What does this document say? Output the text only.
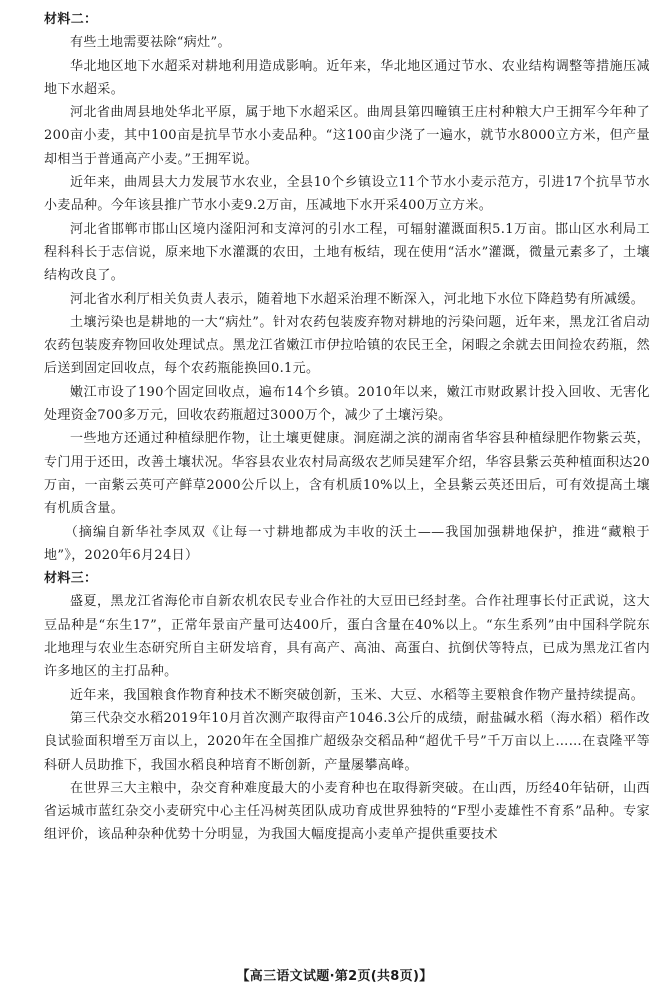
材料二：

有些土地需要祛除“病灶”。

华北地区地下水超采对耕地利用造成影响。近年来，华北地区通过节水、农业结构调整等措施压减地下水超采。

河北省曲周县地处华北平原，属于地下水超采区。曲周县第四疃镇王庄村种粮大户王拥军今年种了200亩小麦，其中100亩是抗旱节水小麦品种。“这100亩少浇了一遍水，就节水8000立方米，但产量却相当于普通高产小麦。”王拥军说。

近年来，曲周县大力发展节水农业，全县10个乡镇设立11个节水小麦示范方，引进17个抗旱节水小麦品种。今年该县推广节水小麦9.2万亩，压减地下水开采400万立方米。

河北省邯郸市邯山区境内滏阳河和支漳河的引水工程，可辐射灌溉面积5.1万亩。邯山区水利局工程科科长于志信说，原来地下水灌溉的农田，土地有板结，现在使用“活水”灌溉，微量元素多了，土壤结构改良了。

河北省水利厅相关负责人表示，随着地下水超采治理不断深入，河北地下水位下降趋势有所减缓。

土壤污染也是耕地的一大“病灶”。针对农药包装废弃物对耕地的污染问题，近年来，黑龙江省启动农药包装废弃物回收处理试点。黑龙江省嫩江市伊拉哈镇的农民王全，闲暇之余就去田间捡农药瓶，然后送到固定回收点，每个农药瓶能换回0.1元。

嫩江市设了190个固定回收点，遍布14个乡镇。2010年以来，嫩江市财政累计投入回收、无害化处理资金700多万元，回收农药瓶超过3000万个，减少了土壤污染。

一些地方还通过种植绿肥作物，让土壤更健康。洞庭湖之滨的湖南省华容县种植绿肥作物紫云英，专门用于还田，改善土壤状况。华容县农业农村局高级农艺师吴建军介绍，华容县紫云英种植面积达20万亩，一亩紫云英可产鲜草2000公斤以上，含有机质10%以上，全县紫云英还田后，可有效提高土壤有机质含量。

（摘编自新华社李凤双《让每一寸耕地都成为丰收的沃土——我国加强耕地保护，推进“藏粮于地”》，2020年6月24日）

材料三：

盛夏，黑龙江省海伦市自新农机农民专业合作社的大豆田已经封垄。合作社理事长付正武说，这大豆品种是“东生17”，正常年景亩产量可达400斤，蛋白含量在40%以上。“东生系列”由中国科学院东北地理与农业生态研究所自主研发培育，具有高产、高油、高蛋白、抗倒伏等特点，已成为黑龙江省内许多地区的主打品种。

近年来，我国粮食作物育种技术不断突破创新，玉米、大豆、水稻等主要粮食作物产量持续提高。

第三代杂交水稻2019年10月首次测产取得亩产1046.3公斤的成绩，耐盐碱水稻（海水稻）稻作改良试验面积增至万亩以上，2020年在全国推广超级杂交稻品种“超优千号”千万亩以上……在袁隆平等科研人员助推下，我国水稻良种培育不断创新，产量屡攀高峰。

在世界三大主粮中，杂交育种难度最大的小麦育种也在取得新突破。在山西，历经40年钻研，山西省运城市蓝红杂交小麦研究中心主任冯树英团队成功育成世界独特的“F型小麦雄性不育系”品种。专家组评价，该品种杂种优势十分明显，为我国大幅度提高小麦单产提供重要技术

【高三语文试题·第2页(共8页)】
